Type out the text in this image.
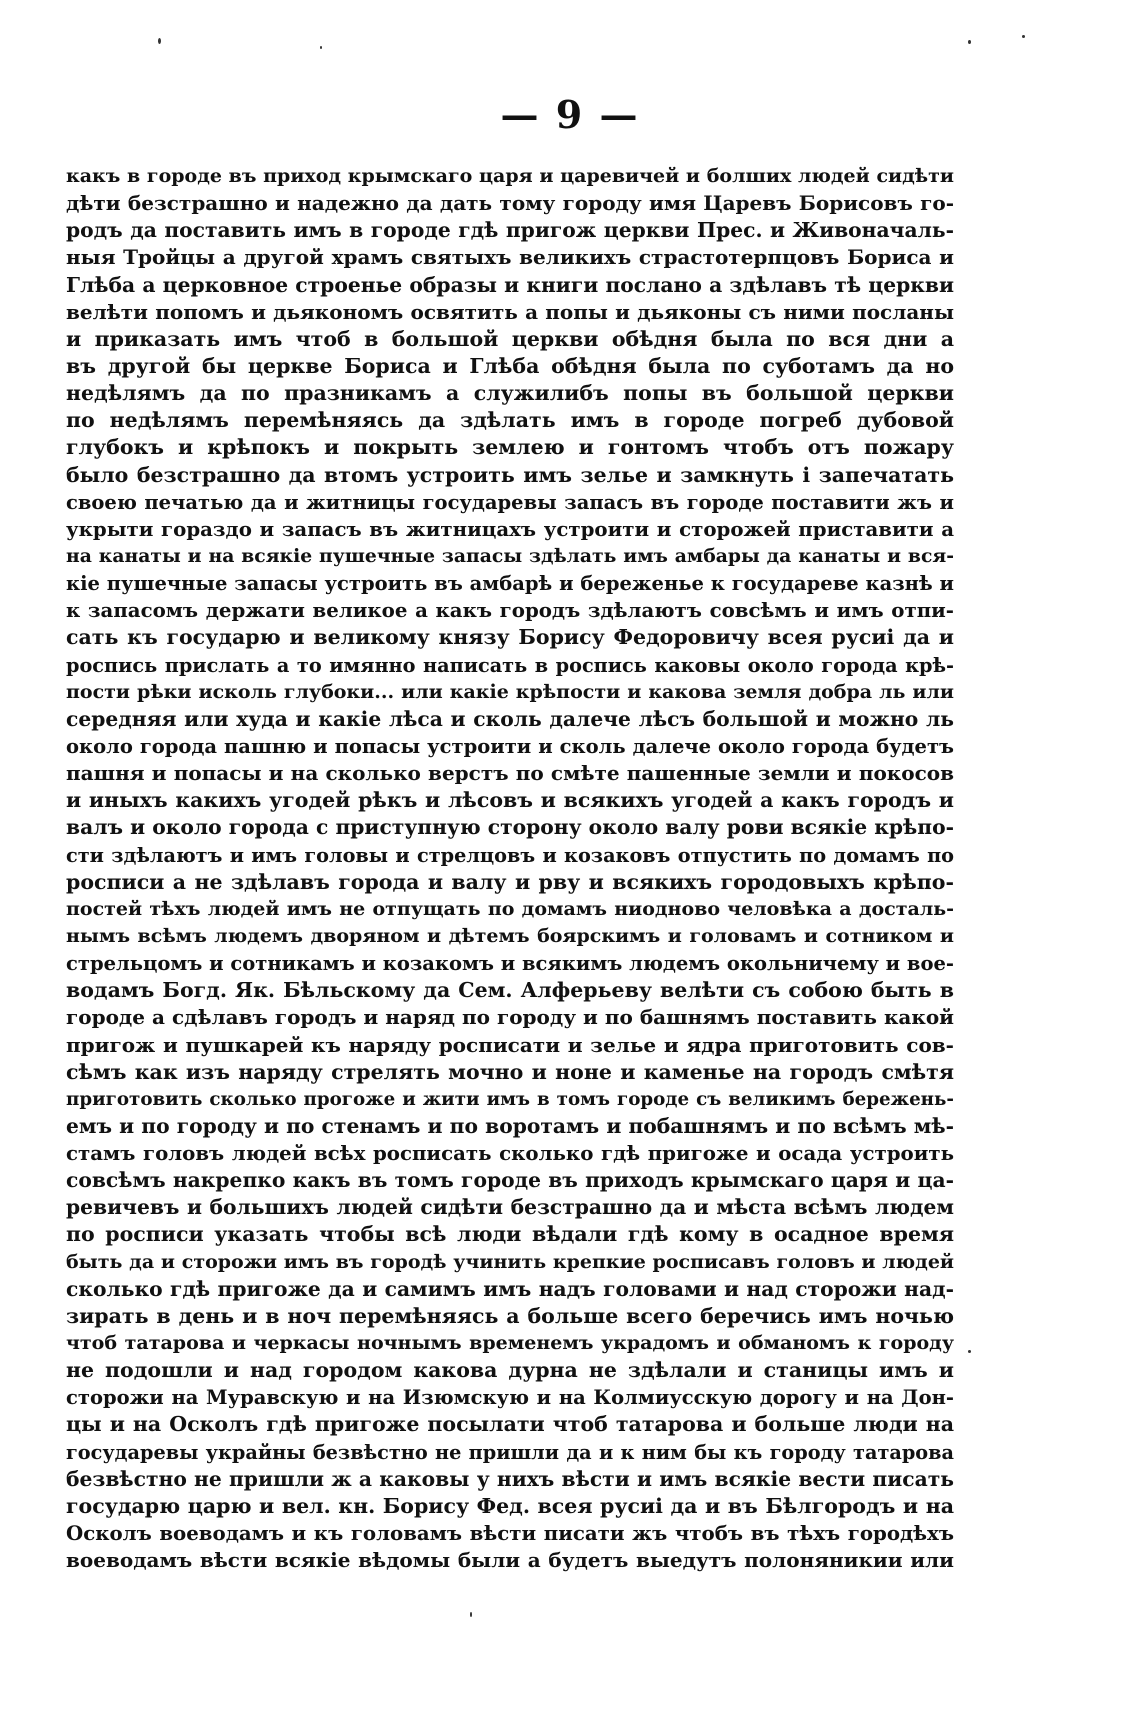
— 9 —
какъ в городе въ приход крымскаго царя и царевичей и болших людей сидѣти
дѣти безстрашно и надежно да дать тому городу имя Царевъ Борисовъ го-
родъ да поставить имъ в городе гдѣ пригож церкви Прес. и Живоначаль-
ныя Тройцы а другой храмъ святыхъ великихъ страстотерпцовъ Бориса и
Глѣба а церковное строенье образы и книги послано а здѣлавъ тѣ церкви
велѣти попомъ и дьякономъ освятить а попы и дьяконы съ ними посланы
и приказать имъ чтоб в большой церкви обѣдня была по вся дни а
въ другой бы церкве Бориса и Глѣба обѣдня была по суботамъ да но
недѣлямъ да по празникамъ а служилибъ попы въ большой церкви
по недѣлямъ перемѣняясь да здѣлать имъ в городе погреб дубовой
глубокъ и крѣпокъ и покрыть землею и гонтомъ чтобъ отъ пожару
было безстрашно да втомъ устроить имъ зелье и замкнуть і запечатать
своею печатью да и житницы государевы запасъ въ городе поставити жъ и
укрыти гораздо и запасъ въ житницахъ устроити и сторожей приставити а
на канаты и на всякіе пушечные запасы здѣлать имъ амбары да канаты и вся-
кіе пушечные запасы устроить въ амбарѣ и береженье к государеве казнѣ и
к запасомъ держати великое а какъ городъ здѣлаютъ совсѣмъ и имъ отпи-
сать къ государю и великому князу Борису Федоровичу всея русиі да и
роспись прислать а то имянно написать в роспись каковы около города крѣ-
пости рѣки исколь глубоки... или какіе крѣпости и какова земля добра ль или
середняя или худа и какіе лѣса и сколь далече лѣсъ большой и можно ль
около города пашню и попасы устроити и сколь далече около города будетъ
пашня и попасы и на сколько верстъ по смѣте пашенные земли и покосов
и иныхъ какихъ угодей рѣкъ и лѣсовъ и всякихъ угодей а какъ городъ и
валъ и около города с приступную сторону около валу рови всякіе крѣпо-
сти здѣлаютъ и имъ головы и стрелцовъ и козаковъ отпустить по домамъ по
росписи а не здѣлавъ города и валу и рву и всякихъ городовыхъ крѣпо-
постей тѣхъ людей имъ не отпущать по домамъ ниодново человѣка а досталь-
нымъ всѣмъ людемъ дворяном и дѣтемъ боярскимъ и головамъ и сотником и
стрельцомъ и сотникамъ и козакомъ и всякимъ людемъ окольничему и вое-
водамъ Богд. Як. Бѣльскому да Сем. Алферьеву велѣти съ собою быть в
городе а сдѣлавъ городъ и наряд по городу и по башнямъ поставить какой
пригож и пушкарей къ наряду росписати и зелье и ядра приготовить сов-
сѣмъ как изъ наряду стрелять мочно и ноне и каменье на городъ смѣтя
приготовить сколько прогоже и жити имъ в томъ городе съ великимъ бережень-
емъ и по городу и по стенамъ и по воротамъ и побашнямъ и по всѣмъ мѣ-
стамъ головъ людей всѣх росписать сколько гдѣ пригоже и осада устроить
совсѣмъ накрепко какъ въ томъ городе въ приходъ крымскаго царя и ца-
ревичевъ и большихъ людей сидѣти безстрашно да и мѣста всѣмъ людем
по росписи указать чтобы всѣ люди вѣдали гдѣ кому в осадное время
быть да и сторожи имъ въ городѣ учинить крепкие росписавъ головъ и людей
сколько гдѣ пригоже да и самимъ имъ надъ головами и над сторожи над-
зирать в день и в ноч перемѣняясь а больше всего беречись имъ ночью
чтоб татарова и черкасы ночнымъ временемъ украдомъ и обманомъ к городу
не подошли и над городом какова дурна не здѣлали и станицы имъ и
сторожи на Муравскую и на Изюмскую и на Колмиусскую дорогу и на Дон-
цы и на Осколъ гдѣ пригоже посылати чтоб татарова и больше люди на
государевы украйны безвѣстно не пришли да и к ним бы къ городу татарова
безвѣстно не пришли ж а каковы у нихъ вѣсти и имъ всякіе вести писать
государю царю и вел. кн. Борису Фед. всея русиі да и въ Бѣлгородъ и на
Осколъ воеводамъ и къ головамъ вѣсти писати жъ чтобъ въ тѣхъ городѣхъ
воеводамъ вѣсти всякіе вѣдомы были а будетъ выедутъ полоняникии или
